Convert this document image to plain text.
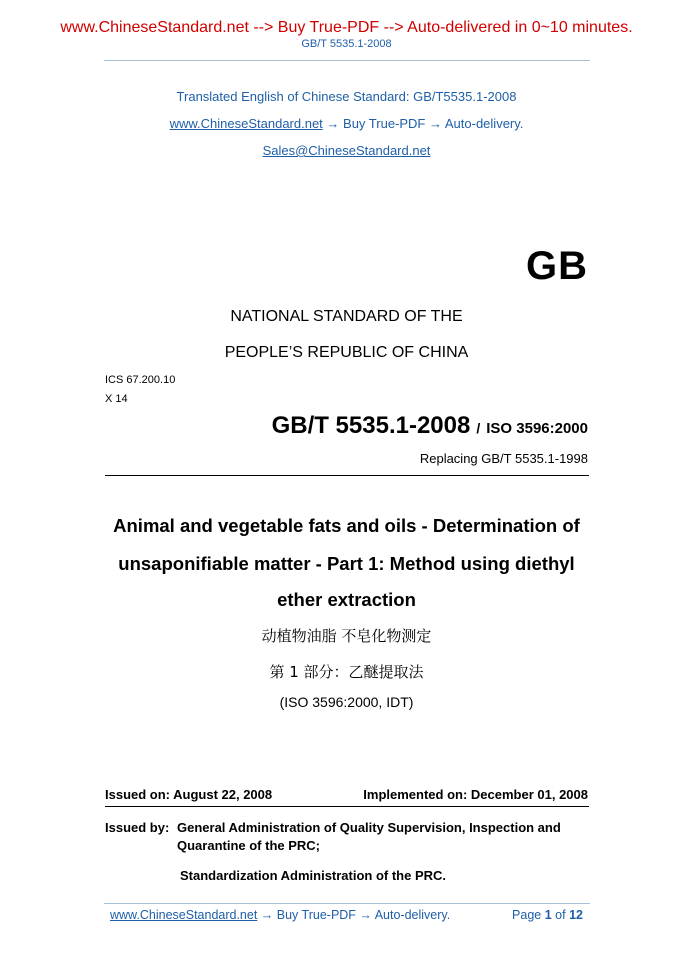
www.ChineseStandard.net --> Buy True-PDF --> Auto-delivered in 0~10 minutes.
GB/T 5535.1-2008
Translated English of Chinese Standard: GB/T5535.1-2008
www.ChineseStandard.net → Buy True-PDF → Auto-delivery.
Sales@ChineseStandard.net
GB
NATIONAL STANDARD OF THE
PEOPLE’S REPUBLIC OF CHINA
ICS 67.200.10
X 14
GB/T 5535.1-2008 / ISO 3596:2000
Replacing GB/T 5535.1-1998
Animal and vegetable fats and oils - Determination of
unsaponifiable matter - Part 1: Method using diethyl
ether extraction
动植物油脂 不皂化物测定
第 1 部分：乙醚提取法
(ISO 3596:2000, IDT)
Issued on: August 22, 2008	Implemented on: December 01, 2008
Issued by: General Administration of Quality Supervision, Inspection and
Quarantine of the PRC;
Standardization Administration of the PRC.
www.ChineseStandard.net → Buy True-PDF → Auto-delivery.	Page 1 of 12
